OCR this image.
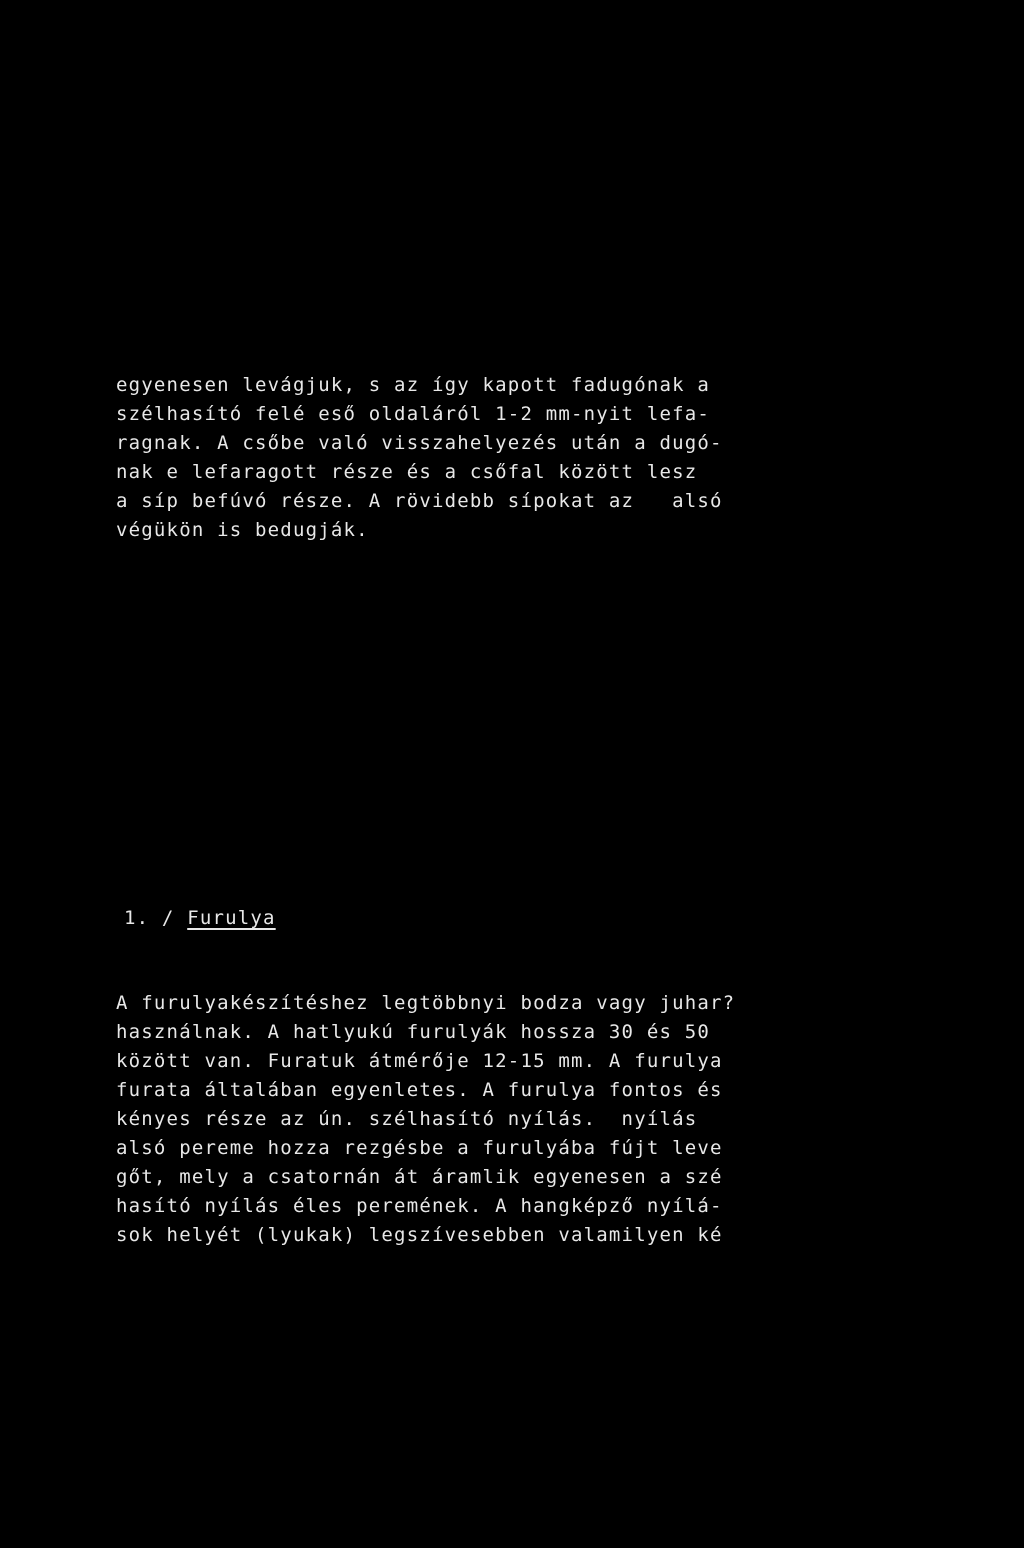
egyenesen levágjuk, s az így kapott fadugónak a
szélhasító felé eső oldaláról 1-2 mm-nyit lefa-
ragnak. A csőbe való visszahelyezés után a dugó-
nak e lefaragott része és a csőfal között lesz
a síp befúvó része. A rövidebb sípokat az   alsó
végükön is bedugják.
1. / Furulya
A furulyakészítéshez legtöbbnyi bodza vagy juhar?
használnak. A hatlyukú furulyák hossza 30 és 50
között van. Furatuk átmérője 12-15 mm. A furulya
furata általában egyenletes. A furulya fontos és
kényes része az ún. szélhasító nyílás.  nyílás
alsó pereme hozza rezgésbe a furulyába fújt leve
gőt, mely a csatornán át áramlik egyenesen a szé
hasító nyílás éles peremének. A hangképző nyílá-
sok helyét (lyukak) legszívesebben valamilyen ké
